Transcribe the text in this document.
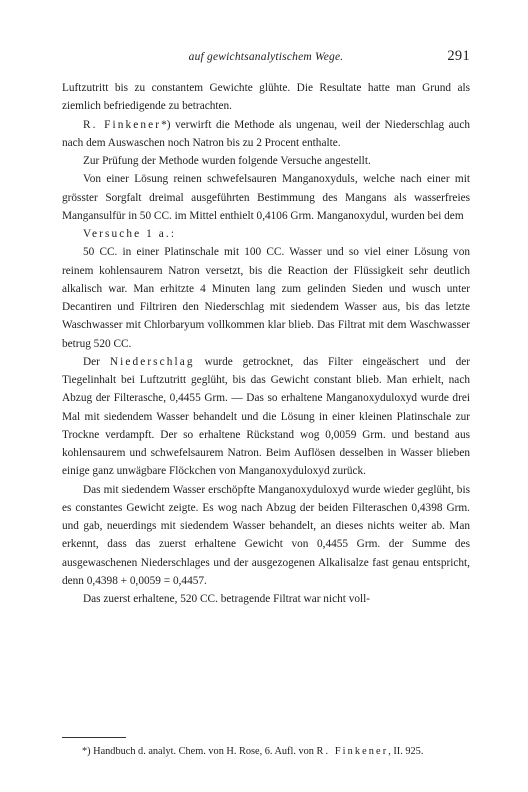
auf gewichtsanalytischem Wege.	291

Luftzutritt bis zu constantem Gewichte glühte. Die Resultate hatte man Grund als ziemlich befriedigende zu betrachten.

R. Finkener*) verwirft die Methode als ungenau, weil der Niederschlag auch nach dem Auswaschen noch Natron bis zu 2 Procent enthalte.

Zur Prüfung der Methode wurden folgende Versuche angestellt.

Von einer Lösung reinen schwefelsauren Manganoxyduls, welche nach einer mit grösster Sorgfalt dreimal ausgeführten Bestimmung des Mangans als wasserfreies Mangansulfür in 50 CC. im Mittel enthielt 0,4106 Grm. Manganoxydul, wurden bei dem

Versuche 1 a.:

50 CC. in einer Platinschale mit 100 CC. Wasser und so viel einer Lösung von reinem kohlensaurem Natron versetzt, bis die Reaction der Flüssigkeit sehr deutlich alkalisch war. Man erhitzte 4 Minuten lang zum gelinden Sieden und wusch unter Decantiren und Filtriren den Niederschlag mit siedendem Wasser aus, bis das letzte Waschwasser mit Chlorbaryum vollkommen klar blieb. Das Filtrat mit dem Waschwasser betrug 520 CC.

Der Niederschlag wurde getrocknet, das Filter eingeäschert und der Tiegelinhalt bei Luftzutritt geglüht, bis das Gewicht constant blieb. Man erhielt, nach Abzug der Filterasche, 0,4455 Grm. — Das so erhaltene Manganoxyduloxyd wurde drei Mal mit siedendem Wasser behandelt und die Lösung in einer kleinen Platinschale zur Trockne verdampft. Der so erhaltene Rückstand wog 0,0059 Grm. und bestand aus kohlensaurem und schwefelsaurem Natron. Beim Auflösen desselben in Wasser blieben einige ganz unwägbare Flöckchen von Manganoxyduloxyd zurück.

Das mit siedendem Wasser erschöpfte Manganoxyduloxyd wurde wieder geglüht, bis es constantes Gewicht zeigte. Es wog nach Abzug der beiden Filteraschen 0,4398 Grm. und gab, neuerdings mit siedendem Wasser behandelt, an dieses nichts weiter ab. Man erkennt, dass das zuerst erhaltene Gewicht von 0,4455 Grm. der Summe des ausgewaschenen Niederschlages und der ausgezogenen Alkalisalze fast genau entspricht, denn 0,4398 + 0,0059 = 0,4457.

Das zuerst erhaltene, 520 CC. betragende Filtrat war nicht voll-

*) Handbuch d. analyt. Chem. von H. Rose, 6. Aufl. von R. Finkener, II. 925.
